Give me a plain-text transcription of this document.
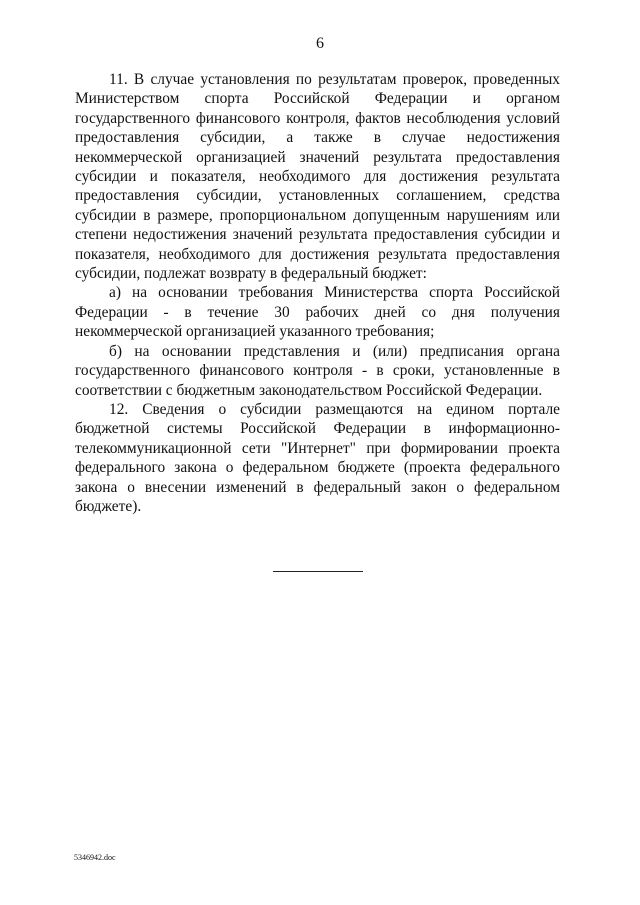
6

11. В случае установления по результатам проверок, проведенных Министерством спорта Российской Федерации и органом государственного финансового контроля, фактов несоблюдения условий предоставления субсидии, а также в случае недостижения некоммерческой организацией значений результата предоставления субсидии и показателя, необходимого для достижения результата предоставления субсидии, установленных соглашением, средства субсидии в размере, пропорциональном допущенным нарушениям или степени недостижения значений результата предоставления субсидии и показателя, необходимого для достижения результата предоставления субсидии, подлежат возврату в федеральный бюджет:

а) на основании требования Министерства спорта Российской Федерации - в течение 30 рабочих дней со дня получения некоммерческой организацией указанного требования;

б) на основании представления и (или) предписания органа государственного финансового контроля - в сроки, установленные в соответствии с бюджетным законодательством Российской Федерации.

12. Сведения о субсидии размещаются на едином портале бюджетной системы Российской Федерации в информационно-телекоммуникационной сети "Интернет" при формировании проекта федерального закона о федеральном бюджете (проекта федерального закона о внесении изменений в федеральный закон о федеральном бюджете).

5346942.doc
